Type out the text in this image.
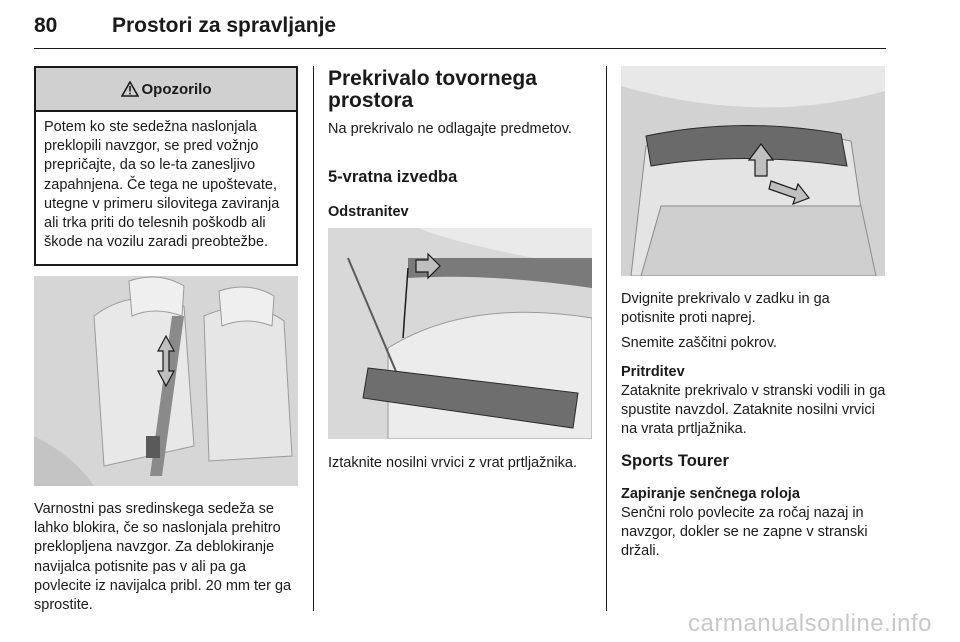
80	Prostori za spravljanje
Opozorilo
Potem ko ste sedežna naslonjala preklopili navzgor, se pred vožnjo prepričajte, da so le-ta zanesljivo zapahnjena. Če tega ne upoštevate, utegne v primeru silovitega zaviranja ali trka priti do telesnih poškodb ali škode na vozilu zaradi preobtežbe.
Varnostni pas sredinskega sedeža se lahko blokira, če so naslonjala prehitro preklopljena navzgor. Za deblokiranje navijalca potisnite pas v ali pa ga povlecite iz navijalca pribl. 20 mm ter ga sprostite.
Prekrivalo tovornega prostora
Na prekrivalo ne odlagajte predmetov.
5-vratna izvedba
Odstranitev
Iztaknite nosilni vrvici z vrat prtljažnika.
Dvignite prekrivalo v zadku in ga potisnite proti naprej.
Snemite zaščitni pokrov.
Pritrditev
Zataknite prekrivalo v stranski vodili in ga spustite navzdol. Zataknite nosilni vrvici na vrata prtljažnika.
Sports Tourer
Zapiranje senčnega roloja
Senčni rolo povlecite za ročaj nazaj in navzgor, dokler se ne zapne v stranski držali.
carmanualsonline.info
